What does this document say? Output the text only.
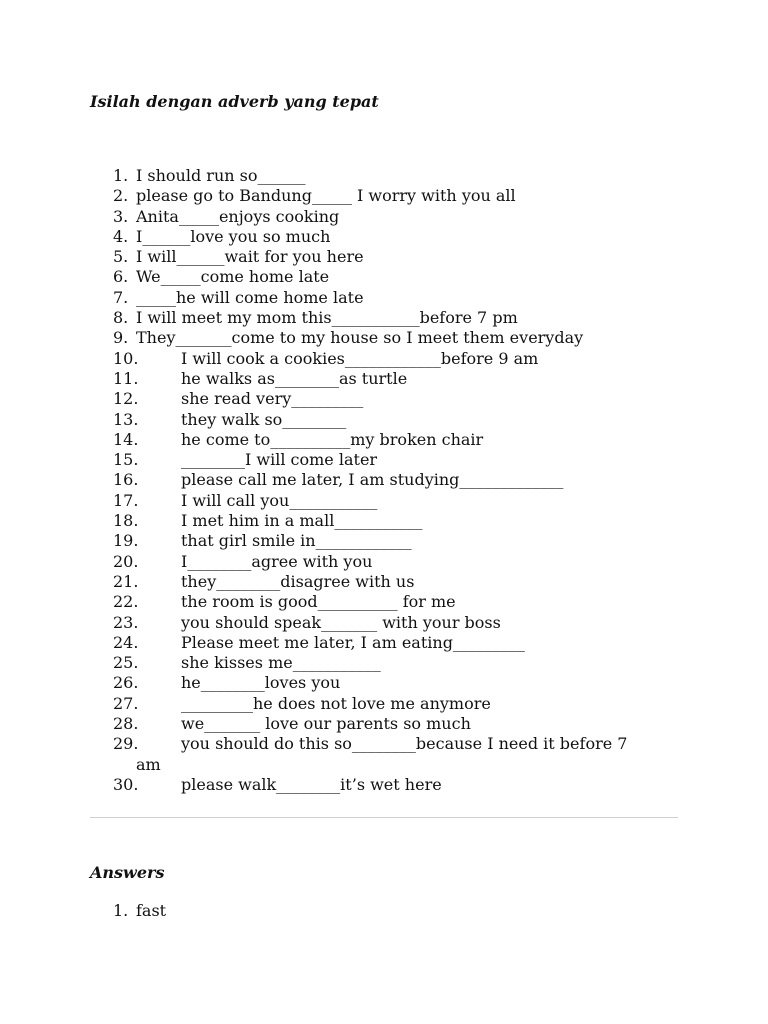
Isilah dengan adverb yang tepat
1. I should run so______
2. please go to Bandung_____ I worry with you all
3. Anita_____enjoys cooking
4. I______love you so much
5. I will______wait for you here
6. We_____come home late
7. _____he will come home late
8. I will meet my mom this___________before 7 pm
9. They_______come to my house so I meet them everyday
10.	I will cook a cookies____________before 9 am
11.	he walks as________as turtle
12.	she read very_________
13.	they walk so________
14.	he come to__________my broken chair
15.	________I will come later
16.	please call me later, I am studying_____________
17.	I will call you___________
18.	I met him in a mall___________
19.	that girl smile in____________
20.	I________agree with you
21.	they________disagree with us
22.	the room is good__________ for me
23.	you should speak_______ with your boss
24.	Please meet me later, I am eating_________
25.	she kisses me___________
26.	he________loves you
27.	_________he does not love me anymore
28.	we_______ love our parents so much
29.	you should do this so________because I need it before 7
am
30.	please walk________it’s wet here
Answers
1. fast
